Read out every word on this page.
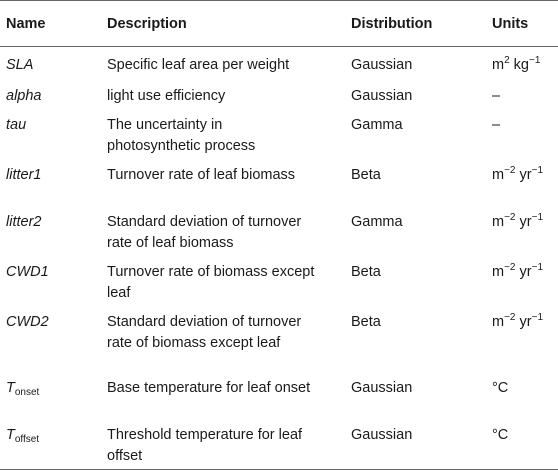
Name	Description	Distribution	Units
SLA	Specific leaf area per weight	Gaussian	$m^2$ $kg^{-1}$
alpha	light use efficiency	Gaussian	–
tau	The uncertainty in photosynthetic process	Gamma	–
litter1	Turnover rate of leaf biomass	Beta	$m^{-2}$ $yr^{-1}$
litter2	Standard deviation of turnover rate of leaf biomass	Gamma	$m^{-2}$ $yr^{-1}$
CWD1	Turnover rate of biomass except leaf	Beta	$m^{-2}$ $yr^{-1}$
CWD2	Standard deviation of turnover rate of biomass except leaf	Beta	$m^{-2}$ $yr^{-1}$
$T_{onset}$	Base temperature for leaf onset	Gaussian	°C
$T_{offset}$	Threshold temperature for leaf offset	Gaussian	°C
